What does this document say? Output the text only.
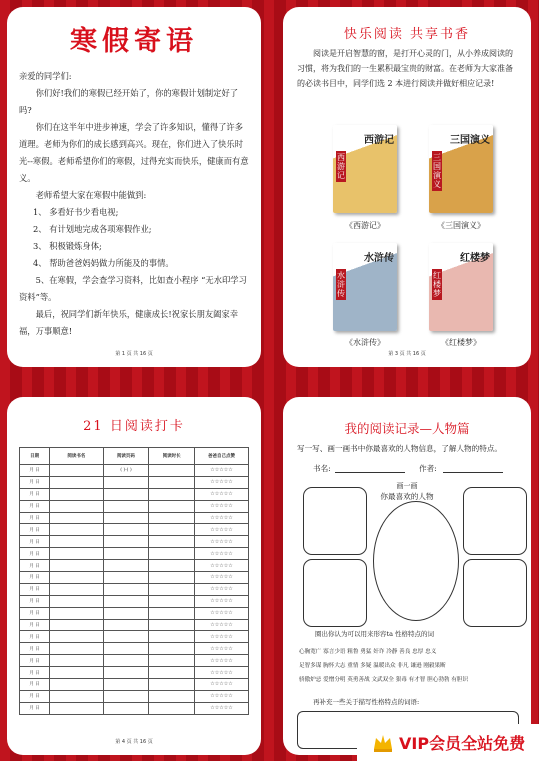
寒假寄语
亲爱的同学们:
你们好!我们的寒假已经开始了，你的寒假计划制定好了吗?
你们在这半年中进步神速，学会了许多知识，懂得了许多道理。老师为你们的成长感到高兴。现在，你们进入了快乐时光--寒假。老师希望你们的寒假，过得充实而快乐，健康而有意义。
老师希望大家在寒假中能做到:
1、 多看好书少看电视;
2、 有计划地完成各项寒假作业;
3、 积极锻炼身体;
4、 帮助爸爸妈妈做力所能及的事情。
5、在寒假，学会查学习资料，比如查小程序 “无水印学习资料”等。
最后，祝同学们新年快乐，健康成长!祝家长朋友阖家幸福，万事顺意!
第 1 页 共 16 页
快乐阅读 共享书香
阅读是开启智慧的窗，是打开心灵的门，从小养成阅读的习惯，将为我们的一生累积最宝贵的财富。在老师为大家准备的必读书目中，同学们选 2 本进行阅读并做好相应记录!
西游记
西游记
《西游记》
三国演义
三国演义
《三国演义》
水浒传
水浒传
《水浒传》
红楼梦
红楼梦
《红楼梦》
第 3 页 共 16 页
21 日阅读打卡
日期	阅读书名	阅读页码	阅读时长	爸爸自己点赞
月 日		( )-( )		☆☆☆☆☆
月 日				☆☆☆☆☆
月 日				☆☆☆☆☆
月 日				☆☆☆☆☆
月 日				☆☆☆☆☆
月 日				☆☆☆☆☆
月 日				☆☆☆☆☆
月 日				☆☆☆☆☆
月 日				☆☆☆☆☆
月 日				☆☆☆☆☆
月 日				☆☆☆☆☆
月 日				☆☆☆☆☆
月 日				☆☆☆☆☆
月 日				☆☆☆☆☆
月 日				☆☆☆☆☆
月 日				☆☆☆☆☆
月 日				☆☆☆☆☆
月 日				☆☆☆☆☆
月 日				☆☆☆☆☆
月 日				☆☆☆☆☆
月 日				☆☆☆☆☆
第 4 页 共 16 页
我的阅读记录—人物篇
写一写、画一画书中你最喜欢的人物信息，了解人物的特点。
书名:	作者:
画一画
你最喜欢的人物
圈出你认为可以用来形容ta 性格特点的词
心胸宽广 寡言少语 粗鲁 勇猛 奸诈 冷静 善良 忠厚 忠义
足智多谋 胸怀大志 重情 多疑 温暖出众 非凡 谦逊 刚毅果断
骄傲炉忌 爱憎分明 英勇善战 文武双全 狠毒 有才智 胆心勃勃 有胆识
再补充一些关于描写性格特点的词语:
VIP会员全站免费
